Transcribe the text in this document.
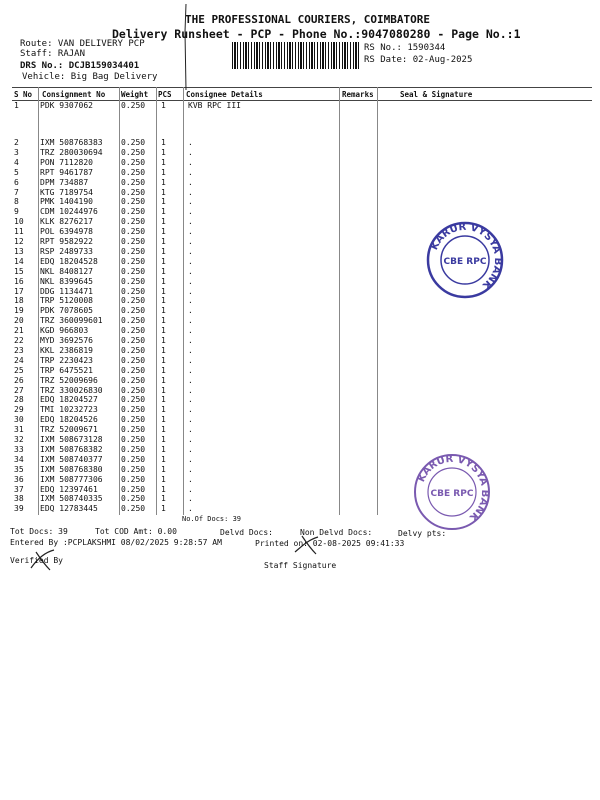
THE PROFESSIONAL COURIERS, COIMBATORE
Delivery Runsheet - PCP - Phone No.:9047080280 - Page No.:1
Route: VAN DELIVERY PCP
Staff: RAJAN
DRS No.: DCJB159034401
Vehicle: Big Bag Delivery
RS No.: 1590344
RS Date: 02-Aug-2025
S No Consignment No Weight PCS Consignee Details	Remarks	Seal & Signature
1	PDK 9307062	0.250 1	KVB RPC III
2	IXM 508768383 0.250 1	.
3	TRZ 280030694 0.250 1	.
4	PON 7112820	0.250 1	.
5	RPT 9461787	0.250 1	.
6	DPM 734887	0.250 1	.
7	KTG 7189754	0.250 1	.
8	PMK 1404190	0.250 1	.
9	CDM 10244976	0.250 1	.
10 KLK 8276217	0.250 1	.
11 POL 6394978	0.250 1	.
12 RPT 9582922	0.250 1	.
13 RSP 2489733	0.250 1	.
14 EDQ 18204528	0.250 1	.
15 NKL 8408127	0.250 1	.
16 NKL 8399645	0.250 1	.
17 DDG 1134471	0.250 1	.
18 TRP 5120008	0.250 1	.
19 PDK 7078605	0.250 1	.
20 TRZ 360099601 0.250 1	.
21 KGD 966803	0.250 1	.
22 MYD 3692576	0.250 1	.
23 KKL 2386819	0.250 1	.
24 TRP 2230423	0.250 1	.
25 TRP 6475521	0.250 1	.
26 TRZ 52009696	0.250 1	.
27 TRZ 330026830 0.250 1	.
28 EDQ 18204527	0.250 1	.
29 TMI 10232723	0.250 1	.
30 EDQ 18204526	0.250 1	.
31 TRZ 52009671	0.250 1	.
32 IXM 508673128 0.250 1	.
33 IXM 508768382 0.250 1	.
34 IXM 508740377 0.250 1	.
35 IXM 508768380 0.250 1	.
36 IXM 508777306 0.250 1	.
37 EDQ 12397461	0.250 1	.
38 IXM 508740335 0.250 1	.
39 EDQ 12783445	0.250 1	.
No.Of Docs: 39
KARUR VYSYA BANK
CBE RPC
KARUR VYSYA BANK
CBE RPC
Tot Docs: 39	Tot COD Amt: 0.00	Delvd Docs:	Non Delvd Docs:	Delvy pts:
Entered By :PCPLAKSHMI 08/02/2025 9:28:57 AM	Printed on: 02-08-2025 09:41:33
Verified By
Staff Signature
